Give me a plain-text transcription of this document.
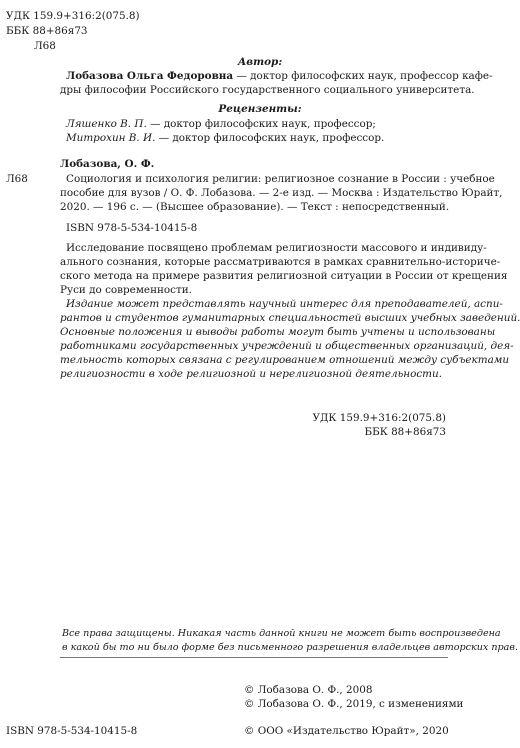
УДК 159.9+316:2(075.8)
ББК 88+86я73
Л68
Автор:
Лобазова Ольга Федоровна — доктор философских наук, профессор кафе-
дры философии Российского государственного социального университета.
Рецензенты:
Ляшенко В. П. — доктор философских наук, профессор;
Митрохин В. И. — доктор философских наук, профессор.
Лобазова, О. Ф.
Л68	Социология и психология религии: религиозное сознание в России : учебное
пособие для вузов / О. Ф. Лобазова. — 2-е изд. — Москва : Издательство Юрайт,
2020. — 196 с. — (Высшее образование). — Текст : непосредственный.
ISBN 978-5-534-10415-8
Исследование посвящено проблемам религиозности массового и индивиду-
ального сознания, которые рассматриваются в рамках сравнительно-историче-
ского метода на примере развития религиозной ситуации в России от крещения
Руси до современности.
Издание может представлять научный интерес для преподавателей, аспи-
рантов и студентов гуманитарных специальностей высших учебных заведений.
Основные положения и выводы работы могут быть учтены и использованы
работниками государственных учреждений и общественных организаций, дея-
тельность которых связана с регулированием отношений между субъектами
религиозности в ходе религиозной и нерелигиозной деятельности.
УДК 159.9+316:2(075.8)
ББК 88+86я73
Все права защищены. Никакая часть данной книги не может быть воспроизведена
в какой бы то ни было форме без письменного разрешения владельцев авторских прав.
© Лобазова О. Ф., 2008
© Лобазова О. Ф., 2019, с изменениями
ISBN 978-5-534-10415-8	© ООО «Издательство Юрайт», 2020
